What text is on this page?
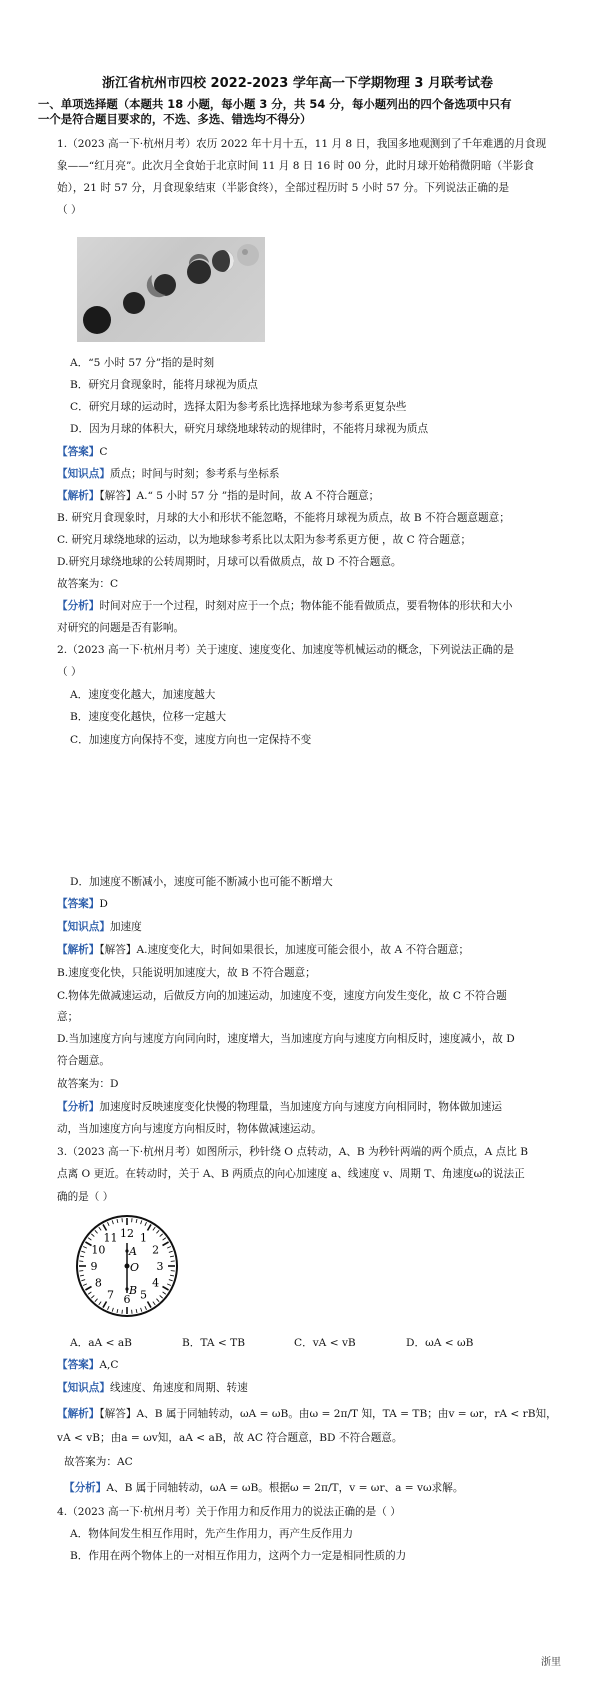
浙江省杭州市四校 2022-2023 学年高一下学期物理 3 月联考试卷
一、单项选择题（本题共 18 小题，每小题 3 分，共 54 分，每小题列出的四个备选项中只有
一个是符合题目要求的，不选、多选、错选均不得分）
1.（2023 高一下·杭州月考）农历 2022 年十月十五，11 月 8 日，我国多地观测到了千年难遇的月食现
象——“红月亮”。此次月全食始于北京时间 11 月 8 日 16 时 00 分，此时月球开始稍微阴暗（半影食
始），21 时 57 分，月食现象结束（半影食终），全部过程历时 5 小时 57 分。下列说法正确的是
（ ）
A．“5 小时 57 分”指的是时刻
B．研究月食现象时，能将月球视为质点
C．研究月球的运动时，选择太阳为参考系比选择地球为参考系更复杂些
D．因为月球的体积大，研究月球绕地球转动的规律时，不能将月球视为质点
【答案】C
【知识点】质点；时间与时刻；参考系与坐标系
【解析】【解答】A.“ 5 小时 57 分 ”指的是时间，故 A 不符合题意；
B. 研究月食现象时，月球的大小和形状不能忽略，不能将月球视为质点，故 B 不符合题意题意；
C. 研究月球绕地球的运动，以为地球参考系比以太阳为参考系更方便 ，故 C 符合题意；
D.研究月球绕地球的公转周期时，月球可以看做质点，故 D 不符合题意。
故答案为：C
【分析】时间对应于一个过程，时刻对应于一个点；物体能不能看做质点，要看物体的形状和大小
对研究的问题是否有影响。
2.（2023 高一下·杭州月考）关于速度、速度变化、加速度等机械运动的概念，下列说法正确的是
（ ）
A．速度变化越大，加速度越大
B．速度变化越快，位移一定越大
C．加速度方向保持不变，速度方向也一定保持不变
D．加速度不断减小，速度可能不断减小也可能不断增大
【答案】D
【知识点】加速度
【解析】【解答】A.速度变化大，时间如果很长，加速度可能会很小，故 A 不符合题意；
B.速度变化快，只能说明加速度大，故 B 不符合题意；
C.物体先做减速运动，后做反方向的加速运动，加速度不变，速度方向发生变化，故 C 不符合题
意；
D.当加速度方向与速度方向同向时，速度增大，当加速度方向与速度方向相反时，速度减小，故 D
符合题意。
故答案为：D
【分析】加速度时反映速度变化快慢的物理量，当加速度方向与速度方向相同时，物体做加速运
动，当加速度方向与速度方向相反时，物体做减速运动。
3.（2023 高一下·杭州月考）如图所示，秒针绕 O 点转动，A、B 为秒针两端的两个质点，A 点比 B
点离 O 更近。在转动时，关于 A、B 两质点的向心加速度 a、线速度 v、周期 T、角速度ω的说法正
确的是（ ）
12 1
2
3
4
5
6
7
8
9
10
11
A
O
B
A．aA < aB	B．TA < TB	C．vA < vB	D．ωA < ωB
【答案】A,C
【知识点】线速度、角速度和周期、转速
【解析】【解答】A、B 属于同轴转动，ωA = ωB。由ω = 2π/T 知，TA = TB；由v = ωr，rA < rB知，
vA < vB；由a = ωv知，aA < aB，故 AC 符合题意，BD 不符合题意。
故答案为：AC
【分析】A、B 属于同轴转动，ωA = ωB。根据ω = 2π/T，v = ωr、a = vω求解。
4.（2023 高一下·杭州月考）关于作用力和反作用力的说法正确的是（ ）
A．物体间发生相互作用时，先产生作用力，再产生反作用力
B．作用在两个物体上的一对相互作用力，这两个力一定是相同性质的力
浙里
